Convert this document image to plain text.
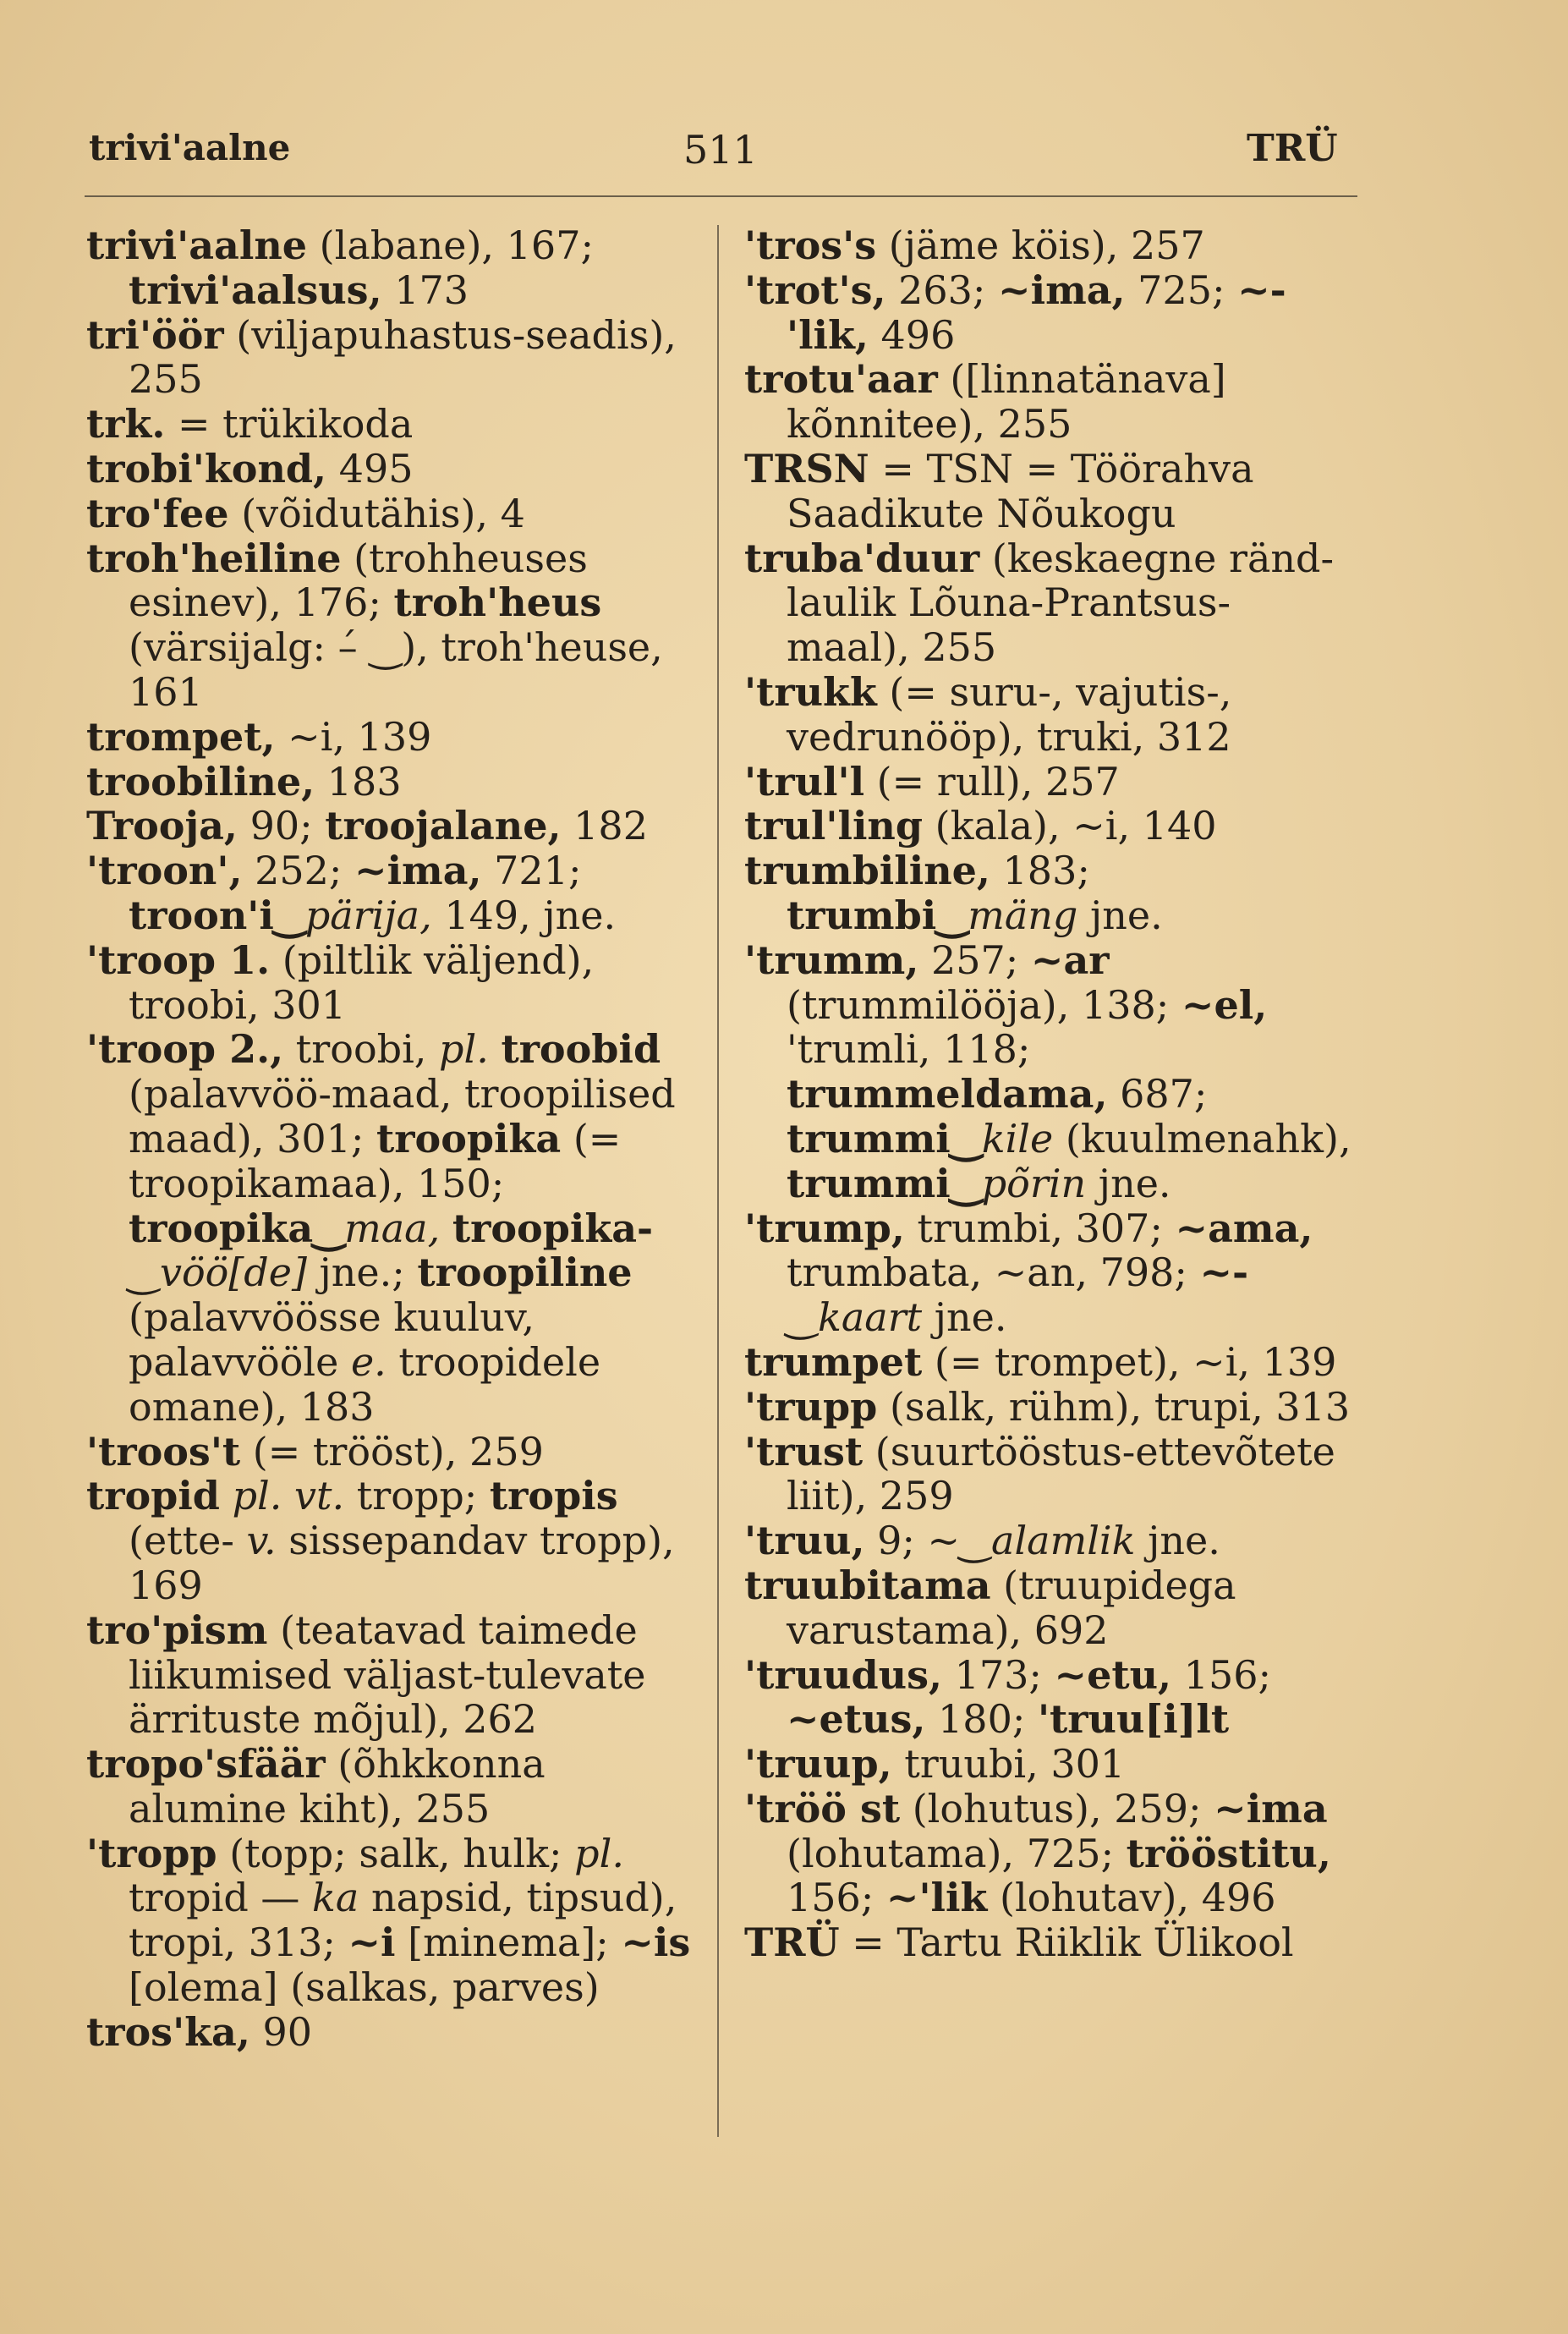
trivi'aalne	511	TRÜ

trivi'aalne (labane), 167; trivi'aalsus, 173

tri'öör (viljapuhastus-seadis), 255

trk. = trükikoda

trobi'kond, 495

tro'fee (võidutähis), 4

troh'heiline (trohheuses esinev), 176; troh'heus (värsijalg: –́ ‿), troh'heuse, 161

trompet, ~i, 139

troobiline, 183

Trooja, 90; troojalane, 182

'troon', 252; ~ima, 721; troon'i‿pärija, 149, jne.

'troop 1. (piltlik väljend), troobi, 301

'troop 2., troobi, pl. troobid (palavvöö-maad, troopilised maad), 301; troopika (= troopikamaa), 150; troopika‿maa, troopika-‿vöö[de] jne.; troopiline (palavvöösse kuuluv, palavvööle e. troopidele omane), 183

'troos't (= trööst), 259

tropid pl. vt. tropp; tropis (ette- v. sissepandav tropp), 169

tro'pism (teatavad taimede liikumised väljast-tulevate ärrituste mõjul), 262

tropo'sfäär (õhkkonna alumine kiht), 255

'tropp (topp; salk, hulk; pl. tropid — ka napsid, tipsud), tropi, 313; ~i [minema]; ~is [olema] (salkas, parves)

tros'ka, 90

'tros's (jäme köis), 257

'trot's, 263; ~ima, 725; ~-'lik, 496

trotu'aar ([linnatänava] kõnnitee), 255

TRSN = TSN = Töörahva Saadikute Nõukogu

truba'duur (keskaegne ränd-laulik Lõuna-Prantsus-maal), 255

'trukk (= suru-, vajutis-, vedrunööp), truki, 312

'trul'l (= rull), 257

trul'ling (kala), ~i, 140

trumbiline, 183; trumbi‿mäng jne.

'trumm, 257; ~ar (trummilööja), 138; ~el, 'trumli, 118; trummeldama, 687; trummi‿kile (kuulmenahk), trummi‿põrin jne.

'trump, trumbi, 307; ~ama, trumbata, ~an, 798; ~-‿kaart jne.

trumpet (= trompet), ~i, 139

'trupp (salk, rühm), trupi, 313

'trust (suurtööstus-ettevõtete liit), 259

'truu, 9; ~‿alamlik jne.

truubitama (truupidega varustama), 692

'truudus, 173; ~etu, 156; ~etus, 180; 'truu[i]lt

'truup, truubi, 301

'tröö st (lohutus), 259; ~ima (lohutama), 725; trööstitu, 156; ~'lik (lohutav), 496

TRÜ = Tartu Riiklik Ülikool
